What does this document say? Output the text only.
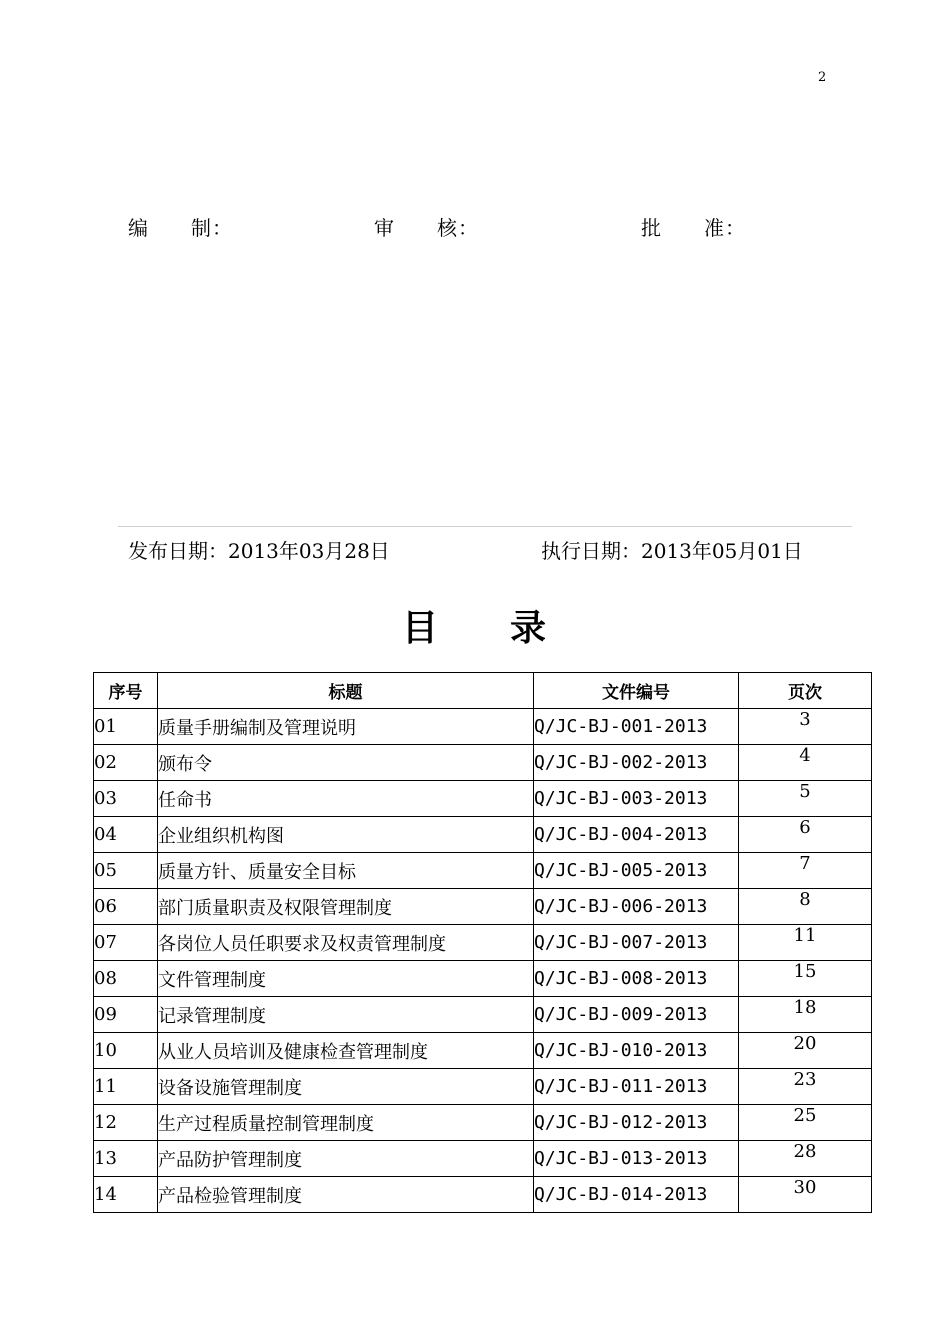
2
编　　制：	审　　核：	批　　准：
发布日期：2013年03月28日	执行日期：2013年05月01日
目 录
序号	标题	文件编号	页次
01	质量手册编制及管理说明	Q/JC-BJ-001-2013	3
02	颁布令	Q/JC-BJ-002-2013	4
03	任命书	Q/JC-BJ-003-2013	5
04	企业组织机构图	Q/JC-BJ-004-2013	6
05	质量方针、质量安全目标	Q/JC-BJ-005-2013	7
06	部门质量职责及权限管理制度	Q/JC-BJ-006-2013	8
07	各岗位人员任职要求及权责管理制度	Q/JC-BJ-007-2013	11
08	文件管理制度	Q/JC-BJ-008-2013	15
09	记录管理制度	Q/JC-BJ-009-2013	18
10	从业人员培训及健康检查管理制度	Q/JC-BJ-010-2013	20
11	设备设施管理制度	Q/JC-BJ-011-2013	23
12	生产过程质量控制管理制度	Q/JC-BJ-012-2013	25
13	产品防护管理制度	Q/JC-BJ-013-2013	28
14	产品检验管理制度	Q/JC-BJ-014-2013	30
